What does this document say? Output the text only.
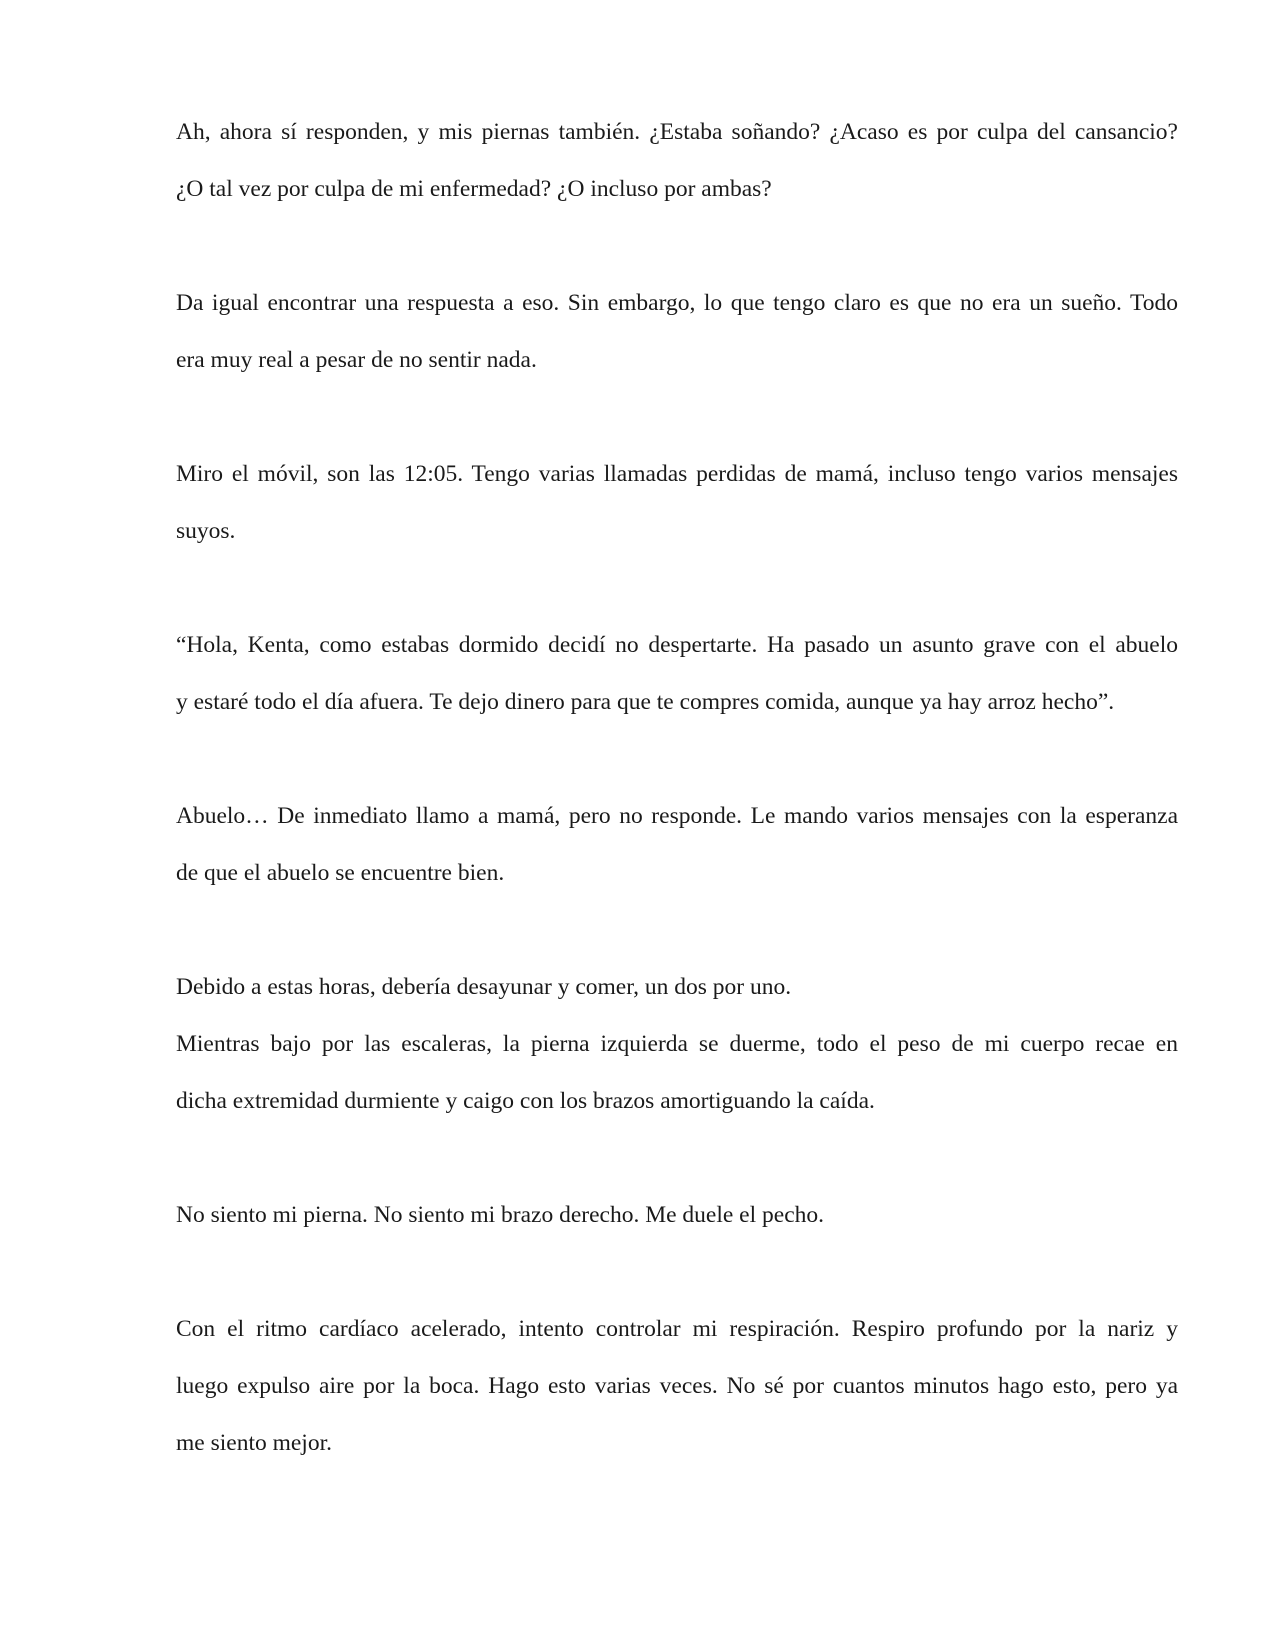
Ah, ahora sí responden, y mis piernas también. ¿Estaba soñando? ¿Acaso es por culpa del cansancio?
¿O tal vez por culpa de mi enfermedad? ¿O incluso por ambas?

Da igual encontrar una respuesta a eso. Sin embargo, lo que tengo claro es que no era un sueño. Todo
era muy real a pesar de no sentir nada.

Miro el móvil, son las 12:05. Tengo varias llamadas perdidas de mamá, incluso tengo varios mensajes
suyos.

“Hola, Kenta, como estabas dormido decidí no despertarte. Ha pasado un asunto grave con el abuelo
y estaré todo el día afuera. Te dejo dinero para que te compres comida, aunque ya hay arroz hecho”.

Abuelo… De inmediato llamo a mamá, pero no responde. Le mando varios mensajes con la esperanza
de que el abuelo se encuentre bien.

Debido a estas horas, debería desayunar y comer, un dos por uno.

Mientras bajo por las escaleras, la pierna izquierda se duerme, todo el peso de mi cuerpo recae en
dicha extremidad durmiente y caigo con los brazos amortiguando la caída.

No siento mi pierna. No siento mi brazo derecho. Me duele el pecho.

Con el ritmo cardíaco acelerado, intento controlar mi respiración. Respiro profundo por la nariz y
luego expulso aire por la boca. Hago esto varias veces. No sé por cuantos minutos hago esto, pero ya
me siento mejor.
